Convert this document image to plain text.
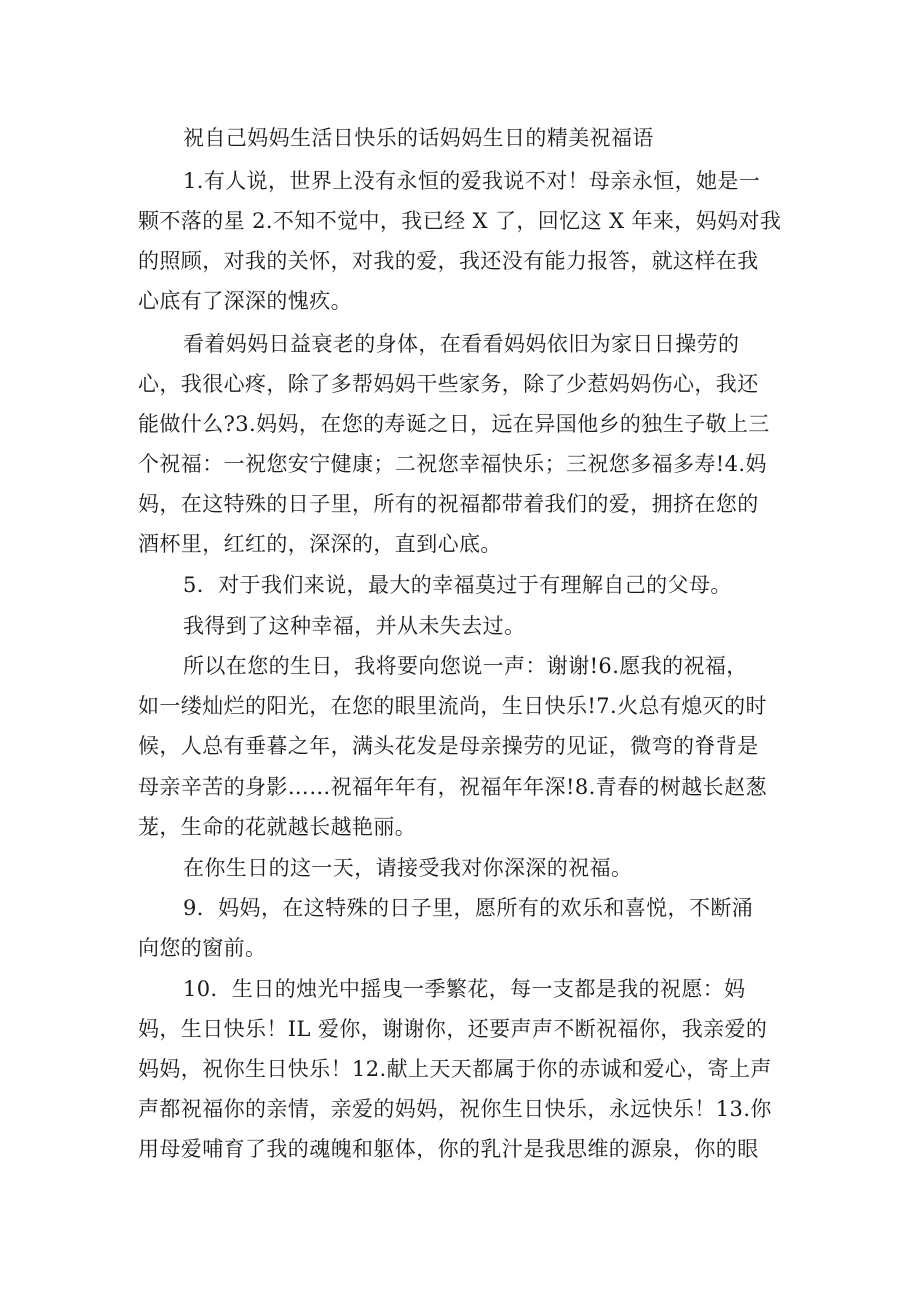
祝自己妈妈生活日快乐的话妈妈生日的精美祝福语
1.有人说，世界上没有永恒的爱我说不对！母亲永恒，她是一
颗不落的星 2.不知不觉中，我已经 X 了，回忆这 X 年来，妈妈对我
的照顾，对我的关怀，对我的爱，我还没有能力报答，就这样在我
心底有了深深的愧疚。
看着妈妈日益衰老的身体，在看看妈妈依旧为家日日操劳的
心，我很心疼，除了多帮妈妈干些家务，除了少惹妈妈伤心，我还
能做什么?3.妈妈，在您的寿诞之日，远在异国他乡的独生子敬上三
个祝福：一祝您安宁健康；二祝您幸福快乐；三祝您多福多寿!4.妈
妈，在这特殊的日子里，所有的祝福都带着我们的爱，拥挤在您的
酒杯里，红红的，深深的，直到心底。
5．对于我们来说，最大的幸福莫过于有理解自己的父母。
我得到了这种幸福，并从未失去过。
所以在您的生日，我将要向您说一声：谢谢!6.愿我的祝福，
如一缕灿烂的阳光，在您的眼里流尚，生日快乐!7.火总有熄灭的时
候，人总有垂暮之年，满头花发是母亲操劳的见证，微弯的脊背是
母亲辛苦的身影……祝福年年有，祝福年年深!8.青春的树越长赵葱
茏，生命的花就越长越艳丽。
在你生日的这一天，请接受我对你深深的祝福。
9．妈妈，在这特殊的日子里，愿所有的欢乐和喜悦，不断涌
向您的窗前。
10．生日的烛光中摇曳一季繁花，每一支都是我的祝愿：妈
妈，生日快乐！IL 爱你，谢谢你，还要声声不断祝福你，我亲爱的
妈妈，祝你生日快乐！12.献上天天都属于你的赤诚和爱心，寄上声
声都祝福你的亲情，亲爱的妈妈，祝你生日快乐，永远快乐！13.你
用母爱哺育了我的魂魄和躯体，你的乳汁是我思维的源泉，你的眼
